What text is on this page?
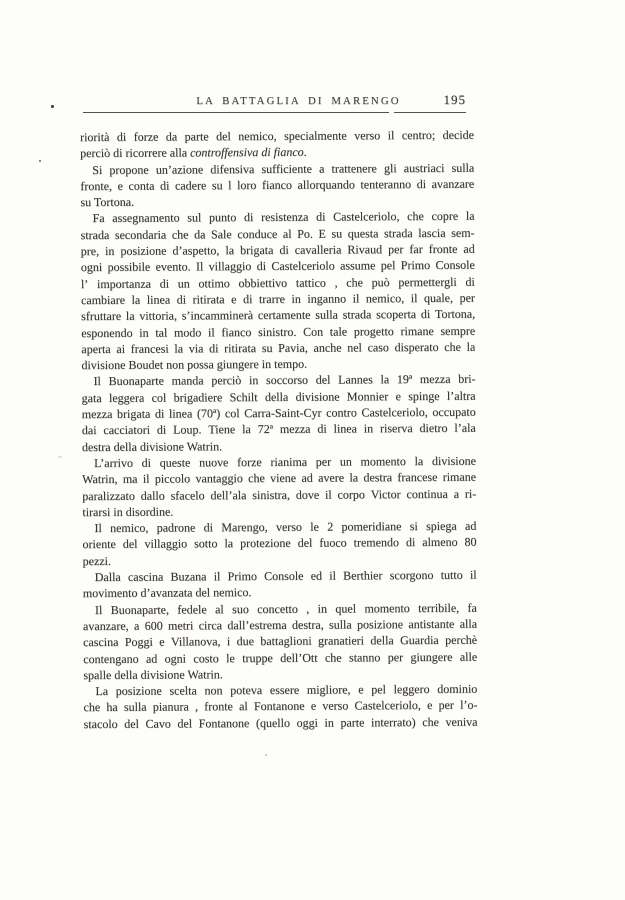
LA BATTAGLIA DI MARENGO	195
riorità di forze da parte del nemico, specialmente verso il centro; decide
perciò di ricorrere alla controffensiva di fianco.
Si propone un’azione difensiva sufficiente a trattenere gli austriaci sulla
fronte, e conta di cadere su l loro fianco allorquando tenteranno di avanzare
su Tortona.
Fa assegnamento sul punto di resistenza di Castelceriolo, che copre la
strada secondaria che da Sale conduce al Po. E su questa strada lascia sem-
pre, in posizione d’aspetto, la brigata di cavalleria Rivaud per far fronte ad
ogni possibile evento. Il villaggio di Castelceriolo assume pel Primo Console
l’ importanza di un ottimo obbiettivo tattico , che può permettergli di
cambiare la linea di ritirata e di trarre in inganno il nemico, il quale, per
sfruttare la vittoria, s’incamminerà certamente sulla strada scoperta di Tortona,
esponendo in tal modo il fianco sinistro. Con tale progetto rimane sempre
aperta ai francesi la via di ritirata su Pavia, anche nel caso disperato che la
divisione Boudet non possa giungere in tempo.
Il Buonaparte manda perciò in soccorso del Lannes la 19ª mezza bri-
gata leggera col brigadiere Schilt della divisione Monnier e spinge l’altra
mezza brigata di linea (70ª) col Carra-Saint-Cyr contro Castelceriolo, occupato
dai cacciatori di Loup. Tiene la 72ª mezza di linea in riserva dietro l’ala
destra della divisione Watrin.
L’arrivo di queste nuove forze rianima per un momento la divisione
Watrin, ma il piccolo vantaggio che viene ad avere la destra francese rimane
paralizzato dallo sfacelo dell’ala sinistra, dove il corpo Victor continua a ri-
tirarsi in disordine.
Il nemico, padrone di Marengo, verso le 2 pomeridiane si spiega ad
oriente del villaggio sotto la protezione del fuoco tremendo di almeno 80
pezzi.
Dalla cascina Buzana il Primo Console ed il Berthier scorgono tutto il
movimento d’avanzata del nemico.
Il Buonaparte, fedele al suo concetto , in quel momento terribile, fa
avanzare, a 600 metri circa dall’estrema destra, sulla posizione antistante alla
cascina Poggi e Villanova, i due battaglioni granatieri della Guardia perchè
contengano ad ogni costo le truppe dell’Ott che stanno per giungere alle
spalle della divisione Watrin.
La posizione scelta non poteva essere migliore, e pel leggero dominio
che ha sulla pianura , fronte al Fontanone e verso Castelceriolo, e per l’o-
stacolo del Cavo del Fontanone (quello oggi in parte interrato) che veniva
